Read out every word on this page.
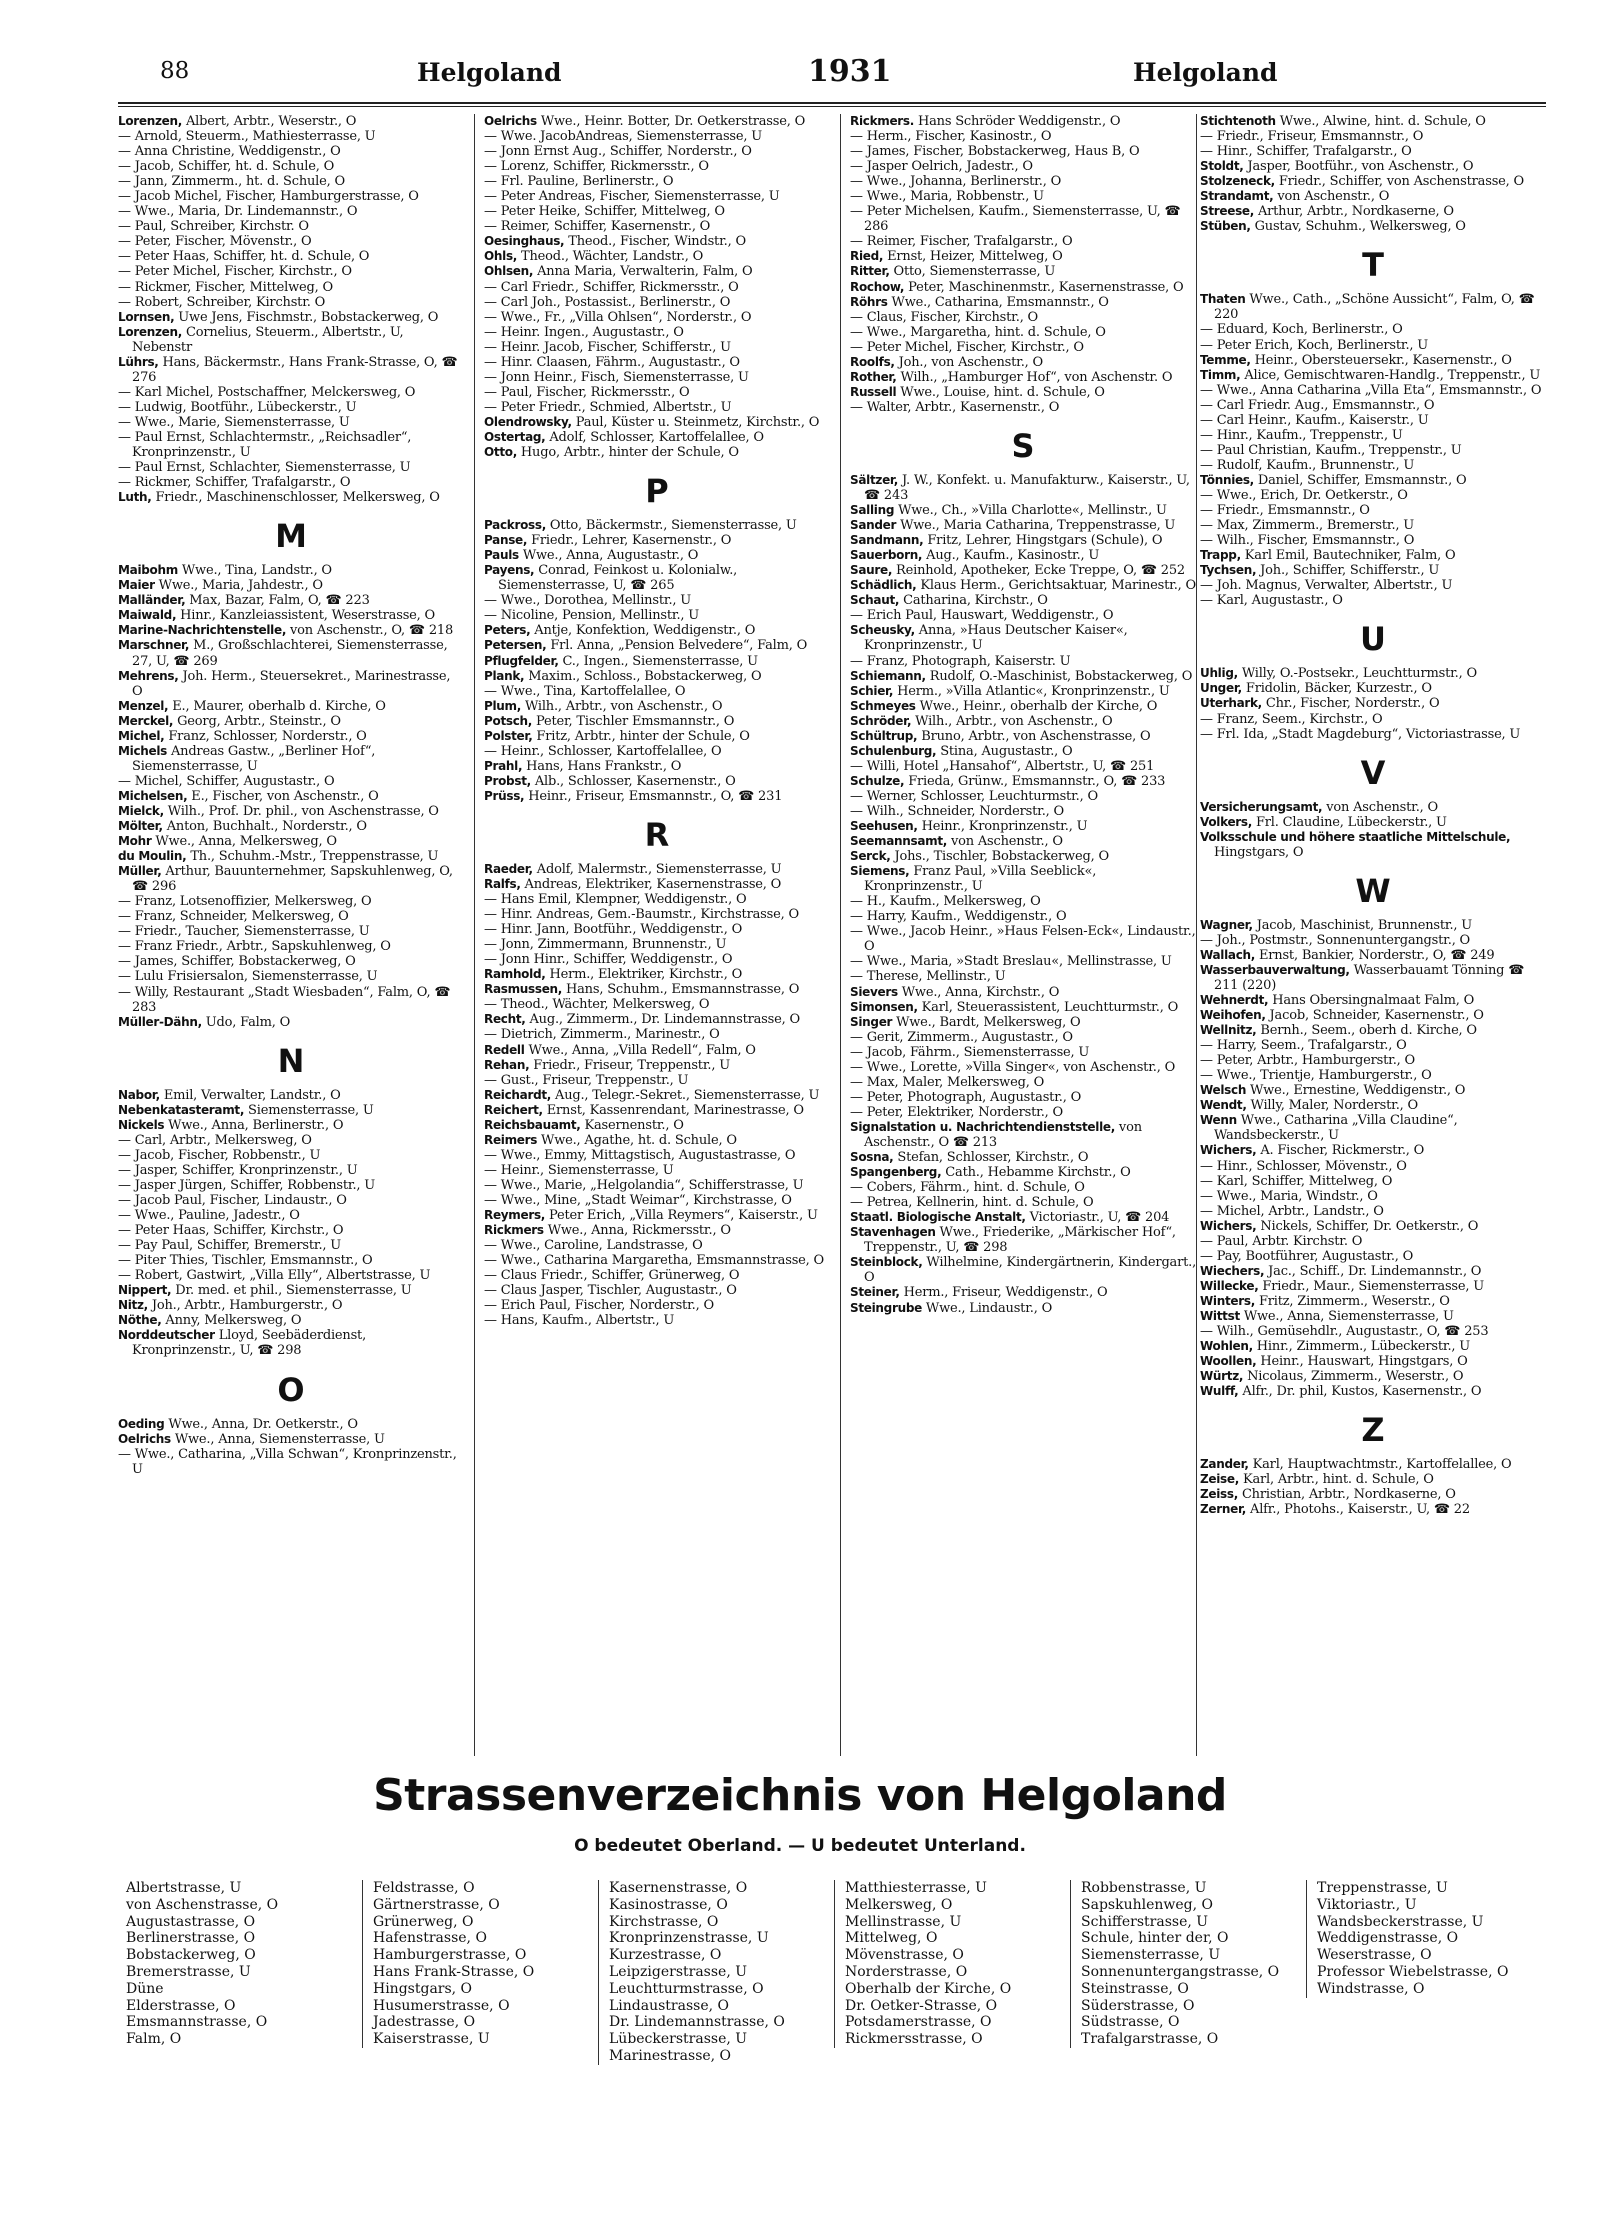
88	Helgoland	1931	Helgoland

Lorenzen, Albert, Arbtr., Weserstr., O

— Arnold, Steuerm., Mathiesterrasse, U

— Anna Christine, Weddigenstr., O

— Jacob, Schiffer, ht. d. Schule, O

— Jann, Zimmerm., ht. d. Schule, O

— Jacob Michel, Fischer, Hamburgerstrasse, O

— Wwe., Maria, Dr. Lindemannstr., O

— Paul, Schreiber, Kirchstr. O

— Peter, Fischer, Mövenstr., O

— Peter Haas, Schiffer, ht. d. Schule, O

— Peter Michel, Fischer, Kirchstr., O

— Rickmer, Fischer, Mittelweg, O

— Robert, Schreiber, Kirchstr. O

Lornsen, Uwe Jens, Fischmstr., Bobstackerweg, O

Lorenzen, Cornelius, Steuerm., Albertstr., U, Nebenstr

Lührs, Hans, Bäckermstr., Hans Frank-Strasse, O, ☎ 276

— Karl Michel, Postschaffner, Melckersweg, O

— Ludwig, Bootführ., Lübeckerstr., U

— Wwe., Marie, Siemensterrasse, U

— Paul Ernst, Schlachtermstr., „Reichsadler“, Kronprinzenstr., U

— Paul Ernst, Schlachter, Siemensterrasse, U

— Rickmer, Schiffer, Trafalgarstr., O

Luth, Friedr., Maschinenschlosser, Melkersweg, O

M

Maibohm Wwe., Tina, Landstr., O

Maier Wwe., Maria, Jahdestr., O

Malländer, Max, Bazar, Falm, O, ☎ 223

Maiwald, Hinr., Kanzleiassistent, Weserstrasse, O

Marine-Nachrichtenstelle, von Aschenstr., O, ☎ 218

Marschner, M., Großschlachterei, Siemensterrasse, 27, U, ☎ 269

Mehrens, Joh. Herm., Steuersekret., Marinestrasse, O

Menzel, E., Maurer, oberhalb d. Kirche, O

Merckel, Georg, Arbtr., Steinstr., O

Michel, Franz, Schlosser, Norderstr., O

Michels Andreas Gastw., „Berliner Hof“, Siemensterrasse, U

— Michel, Schiffer, Augustastr., O

Michelsen, E., Fischer, von Aschenstr., O

Mielck, Wilh., Prof. Dr. phil., von Aschenstrasse, O

Mölter, Anton, Buchhalt., Norderstr., O

Mohr Wwe., Anna, Melkersweg, O

du Moulin, Th., Schuhm.-Mstr., Treppenstrasse, U

Müller, Arthur, Bauunternehmer, Sapskuhlenweg, O, ☎ 296

— Franz, Lotsenoffizier, Melkersweg, O

— Franz, Schneider, Melkersweg, O

— Friedr., Taucher, Siemensterrasse, U

— Franz Friedr., Arbtr., Sapskuhlenweg, O

— James, Schiffer, Bobstackerweg, O

— Lulu Frisiersalon, Siemensterrasse, U

— Willy, Restaurant „Stadt Wiesbaden“, Falm, O, ☎ 283

Müller-Dähn, Udo, Falm, O

N

Nabor, Emil, Verwalter, Landstr., O

Nebenkatasteramt, Siemensterrasse, U

Nickels Wwe., Anna, Berlinerstr., O

— Carl, Arbtr., Melkersweg, O

— Jacob, Fischer, Robbenstr., U

— Jasper, Schiffer, Kronprinzenstr., U

— Jasper Jürgen, Schiffer, Robbenstr., U

— Jacob Paul, Fischer, Lindaustr., O

— Wwe., Pauline, Jadestr., O

— Peter Haas, Schiffer, Kirchstr., O

— Pay Paul, Schiffer, Bremerstr., U

— Piter Thies, Tischler, Emsmannstr., O

— Robert, Gastwirt, „Villa Elly“, Albertstrasse, U

Nippert, Dr. med. et phil., Siemensterrasse, U

Nitz, Joh., Arbtr., Hamburgerstr., O

Nöthe, Anny, Melkersweg, O

Norddeutscher Lloyd, Seebäderdienst, Kronprinzenstr., U, ☎ 298

O

Oeding Wwe., Anna, Dr. Oetkerstr., O

Oelrichs Wwe., Anna, Siemensterrasse, U

— Wwe., Catharina, „Villa Schwan“, Kronprinzenstr., U

Oelrichs Wwe., Heinr. Botter, Dr. Oetkerstrasse, O

— Wwe. JacobAndreas, Siemensterrasse, U

— Jonn Ernst Aug., Schiffer, Norderstr., O

— Lorenz, Schiffer, Rickmersstr., O

— Frl. Pauline, Berlinerstr., O

— Peter Andreas, Fischer, Siemensterrasse, U

— Peter Heike, Schiffer, Mittelweg, O

— Reimer, Schiffer, Kasernenstr., O

Oesinghaus, Theod., Fischer, Windstr., O

Ohls, Theod., Wächter, Landstr., O

Ohlsen, Anna Maria, Verwalterin, Falm, O

— Carl Friedr., Schiffer, Rickmersstr., O

— Carl Joh., Postassist., Berlinerstr., O

— Wwe., Fr., „Villa Ohlsen“, Norderstr., O

— Heinr. Ingen., Augustastr., O

— Heinr. Jacob, Fischer, Schifferstr., U

— Hinr. Claasen, Fährm., Augustastr., O

— Jonn Heinr., Fisch, Siemensterrasse, U

— Paul, Fischer, Rickmersstr., O

— Peter Friedr., Schmied, Albertstr., U

Olendrowsky, Paul, Küster u. Steinmetz, Kirchstr., O

Ostertag, Adolf, Schlosser, Kartoffelallee, O

Otto, Hugo, Arbtr., hinter der Schule, O

P

Packross, Otto, Bäckermstr., Siemensterrasse, U

Panse, Friedr., Lehrer, Kasernenstr., O

Pauls Wwe., Anna, Augustastr., O

Payens, Conrad, Feinkost u. Kolonialw., Siemensterrasse, U, ☎ 265

— Wwe., Dorothea, Mellinstr., U

— Nicoline, Pension, Mellinstr., U

Peters, Antje, Konfektion, Weddigenstr., O

Petersen, Frl. Anna, „Pension Belvedere“, Falm, O

Pflugfelder, C., Ingen., Siemensterrasse, U

Plank, Maxim., Schloss., Bobstackerweg, O

— Wwe., Tina, Kartoffelallee, O

Plum, Wilh., Arbtr., von Aschenstr., O

Potsch, Peter, Tischler Emsmannstr., O

Polster, Fritz, Arbtr., hinter der Schule, O

— Heinr., Schlosser, Kartoffelallee, O

Prahl, Hans, Hans Frankstr., O

Probst, Alb., Schlosser, Kasernenstr., O

Prüss, Heinr., Friseur, Emsmannstr., O, ☎ 231

R

Raeder, Adolf, Malermstr., Siemensterrasse, U

Ralfs, Andreas, Elektriker, Kasernenstrasse, O

— Hans Emil, Klempner, Weddigenstr., O

— Hinr. Andreas, Gem.-Baumstr., Kirchstrasse, O

— Hinr. Jann, Bootführ., Weddigenstr., O

— Jonn, Zimmermann, Brunnenstr., U

— Jonn Hinr., Schiffer, Weddigenstr., O

Ramhold, Herm., Elektriker, Kirchstr., O

Rasmussen, Hans, Schuhm., Emsmannstrasse, O

— Theod., Wächter, Melkersweg, O

Recht, Aug., Zimmerm., Dr. Lindemannstrasse, O

— Dietrich, Zimmerm., Marinestr., O

Redell Wwe., Anna, „Villa Redell“, Falm, O

Rehan, Friedr., Friseur, Treppenstr., U

— Gust., Friseur, Treppenstr., U

Reichardt, Aug., Telegr.-Sekret., Siemensterrasse, U

Reichert, Ernst, Kassenrendant, Marinestrasse, O

Reichsbauamt, Kasernenstr., O

Reimers Wwe., Agathe, ht. d. Schule, O

— Wwe., Emmy, Mittagstisch, Augustastrasse, O

— Heinr., Siemensterrasse, U

— Wwe., Marie, „Helgolandia“, Schifferstrasse, U

— Wwe., Mine, „Stadt Weimar“, Kirchstrasse, O

Reymers, Peter Erich, „Villa Reymers“, Kaiserstr., U

Rickmers Wwe., Anna, Rickmersstr., O

— Wwe., Caroline, Landstrasse, O

— Wwe., Catharina Margaretha, Emsmannstrasse, O

— Claus Friedr., Schiffer, Grünerweg, O

— Claus Jasper, Tischler, Augustastr., O

— Erich Paul, Fischer, Norderstr., O

— Hans, Kaufm., Albertstr., U

Rickmers. Hans Schröder Weddigenstr., O

— Herm., Fischer, Kasinostr., O

— James, Fischer, Bobstackerweg, Haus B, O

— Jasper Oelrich, Jadestr., O

— Wwe., Johanna, Berlinerstr., O

— Wwe., Maria, Robbenstr., U

— Peter Michelsen, Kaufm., Siemensterrasse, U, ☎ 286

— Reimer, Fischer, Trafalgarstr., O

Ried, Ernst, Heizer, Mittelweg, O

Ritter, Otto, Siemensterrasse, U

Rochow, Peter, Maschinenmstr., Kasernenstrasse, O

Röhrs Wwe., Catharina, Emsmannstr., O

— Claus, Fischer, Kirchstr., O

— Wwe., Margaretha, hint. d. Schule, O

— Peter Michel, Fischer, Kirchstr., O

Roolfs, Joh., von Aschenstr., O

Rother, Wilh., „Hamburger Hof“, von Aschenstr. O

Russell Wwe., Louise, hint. d. Schule, O

— Walter, Arbtr., Kasernenstr., O

S

Sältzer, J. W., Konfekt. u. Manufakturw., Kaiserstr., U, ☎ 243

Salling Wwe., Ch., »Villa Charlotte«, Mellinstr., U

Sander Wwe., Maria Catharina, Treppenstrasse, U

Sandmann, Fritz, Lehrer, Hingstgars (Schule), O

Sauerborn, Aug., Kaufm., Kasinostr., U

Saure, Reinhold, Apotheker, Ecke Treppe, O, ☎ 252

Schädlich, Klaus Herm., Gerichtsaktuar, Marinestr., O

Schaut, Catharina, Kirchstr., O

— Erich Paul, Hauswart, Weddigenstr., O

Scheusky, Anna, »Haus Deutscher Kaiser«, Kronprinzenstr., U

— Franz, Photograph, Kaiserstr. U

Schiemann, Rudolf, O.-Maschinist, Bobstackerweg, O

Schier, Herm., »Villa Atlantic«, Kronprinzenstr., U

Schmeyes Wwe., Heinr., oberhalb der Kirche, O

Schröder, Wilh., Arbtr., von Aschenstr., O

Schültrup, Bruno, Arbtr., von Aschenstrasse, O

Schulenburg, Stina, Augustastr., O

— Willi, Hotel „Hansahof“, Albertstr., U, ☎ 251

Schulze, Frieda, Grünw., Emsmannstr., O, ☎ 233

— Werner, Schlosser, Leuchturmstr., O

— Wilh., Schneider, Norderstr., O

Seehusen, Heinr., Kronprinzenstr., U

Seemannsamt, von Aschenstr., O

Serck, Johs., Tischler, Bobstackerweg, O

Siemens, Franz Paul, »Villa Seeblick«, Kronprinzenstr., U

— H., Kaufm., Melkersweg, O

— Harry, Kaufm., Weddigenstr., O

— Wwe., Jacob Heinr., »Haus Felsen-Eck«, Lindaustr., O

— Wwe., Maria, »Stadt Breslau«, Mellinstrasse, U

— Therese, Mellinstr., U

Sievers Wwe., Anna, Kirchstr., O

Simonsen, Karl, Steuerassistent, Leuchtturmstr., O

Singer Wwe., Bardt, Melkersweg, O

— Gerit, Zimmerm., Augustastr., O

— Jacob, Fährm., Siemensterrasse, U

— Wwe., Lorette, »Villa Singer«, von Aschenstr., O

— Max, Maler, Melkersweg, O

— Peter, Photograph, Augustastr., O

— Peter, Elektriker, Norderstr., O

Signalstation u. Nachrichtendienststelle, von Aschenstr., O ☎ 213

Sosna, Stefan, Schlosser, Kirchstr., O

Spangenberg, Cath., Hebamme Kirchstr., O

— Cobers, Fährm., hint. d. Schule, O

— Petrea, Kellnerin, hint. d. Schule, O

Staatl. Biologische Anstalt, Victoriastr., U, ☎ 204

Stavenhagen Wwe., Friederike, „Märkischer Hof“, Treppenstr., U, ☎ 298

Steinblock, Wilhelmine, Kindergärtnerin, Kindergart., O

Steiner, Herm., Friseur, Weddigenstr., O

Steingrube Wwe., Lindaustr., O

Stichtenoth Wwe., Alwine, hint. d. Schule, O

— Friedr., Friseur, Emsmannstr., O

— Hinr., Schiffer, Trafalgarstr., O

Stoldt, Jasper, Bootführ., von Aschenstr., O

Stolzeneck, Friedr., Schiffer, von Aschenstrasse, O

Strandamt, von Aschenstr., O

Streese, Arthur, Arbtr., Nordkaserne, O

Stüben, Gustav, Schuhm., Welkersweg, O

T

Thaten Wwe., Cath., „Schöne Aussicht“, Falm, O, ☎ 220

— Eduard, Koch, Berlinerstr., O

— Peter Erich, Koch, Berlinerstr., U

Temme, Heinr., Obersteuersekr., Kasernenstr., O

Timm, Alice, Gemischtwaren-Handlg., Treppenstr., U

— Wwe., Anna Catharina „Villa Eta“, Emsmannstr., O

— Carl Friedr. Aug., Emsmannstr., O

— Carl Heinr., Kaufm., Kaiserstr., U

— Hinr., Kaufm., Treppenstr., U

— Paul Christian, Kaufm., Treppenstr., U

— Rudolf, Kaufm., Brunnenstr., U

Tönnies, Daniel, Schiffer, Emsmannstr., O

— Wwe., Erich, Dr. Oetkerstr., O

— Friedr., Emsmannstr., O

— Max, Zimmerm., Bremerstr., U

— Wilh., Fischer, Emsmannstr., O

Trapp, Karl Emil, Bautechniker, Falm, O

Tychsen, Joh., Schiffer, Schifferstr., U

— Joh. Magnus, Verwalter, Albertstr., U

— Karl, Augustastr., O

U

Uhlig, Willy, O.-Postsekr., Leuchtturmstr., O

Unger, Fridolin, Bäcker, Kurzestr., O

Uterhark, Chr., Fischer, Norderstr., O

— Franz, Seem., Kirchstr., O

— Frl. Ida, „Stadt Magdeburg“, Victoriastrasse, U

V

Versicherungsamt, von Aschenstr., O

Volkers, Frl. Claudine, Lübeckerstr., U

Volksschule und höhere staatliche Mittelschule, Hingstgars, O

W

Wagner, Jacob, Maschinist, Brunnenstr., U

— Joh., Postmstr., Sonnenuntergangstr., O

Wallach, Ernst, Bankier, Norderstr., O, ☎ 249

Wasserbauverwaltung, Wasserbauamt Tönning ☎ 211 (220)

Wehnerdt, Hans Obersingnalmaat Falm, O

Weihofen, Jacob, Schneider, Kasernenstr., O

Wellnitz, Bernh., Seem., oberh d. Kirche, O

— Harry, Seem., Trafalgarstr., O

— Peter, Arbtr., Hamburgerstr., O

— Wwe., Trientje, Hamburgerstr., O

Welsch Wwe., Ernestine, Weddigenstr., O

Wendt, Willy, Maler, Norderstr., O

Wenn Wwe., Catharina „Villa Claudine“, Wandsbeckerstr., U

Wichers, A. Fischer, Rickmerstr., O

— Hinr., Schlosser, Mövenstr., O

— Karl, Schiffer, Mittelweg, O

— Wwe., Maria, Windstr., O

— Michel, Arbtr., Landstr., O

Wichers, Nickels, Schiffer, Dr. Oetkerstr., O

— Paul, Arbtr. Kirchstr. O

— Pay, Bootführer, Augustastr., O

Wiechers, Jac., Schiff., Dr. Lindemannstr., O

Willecke, Friedr., Maur., Siemensterrasse, U

Winters, Fritz, Zimmerm., Weserstr., O

Wittst Wwe., Anna, Siemensterrasse, U

— Wilh., Gemüsehdlr., Augustastr., O, ☎ 253

Wohlen, Hinr., Zimmerm., Lübeckerstr., U

Woollen, Heinr., Hauswart, Hingstgars, O

Würtz, Nicolaus, Zimmerm., Weserstr., O

Wulff, Alfr., Dr. phil, Kustos, Kasernenstr., O

Z

Zander, Karl, Hauptwachtmstr., Kartoffelallee, O

Zeise, Karl, Arbtr., hint. d. Schule, O

Zeiss, Christian, Arbtr., Nordkaserne, O

Zerner, Alfr., Photohs., Kaiserstr., U, ☎ 22

Strassenverzeichnis von Helgoland
O bedeutet Oberland. — U bedeutet Unterland.
Albertstrasse, U
von Aschenstrasse, O
Augustastrasse, O
Berlinerstrasse, O
Bobstackerweg, O
Bremerstrasse, U
Düne
Elderstrasse, O
Emsmannstrasse, O
Falm, O
Feldstrasse, O
Gärtnerstrasse, O
Grünerweg, O
Hafenstrasse, O
Hamburgerstrasse, O
Hans Frank-Strasse, O
Hingstgars, O
Husumerstrasse, O
Jadestrasse, O
Kaiserstrasse, U
Kasernenstrasse, O
Kasinostrasse, O
Kirchstrasse, O
Kronprinzenstrasse, U
Kurzestrasse, O
Leipzigerstrasse, U
Leuchtturmstrasse, O
Lindaustrasse, O
Dr. Lindemannstrasse, O
Lübeckerstrasse, U
Marinestrasse, O
Matthiesterrasse, U
Melkersweg, O
Mellinstrasse, U
Mittelweg, O
Mövenstrasse, O
Norderstrasse, O
Oberhalb der Kirche, O
Dr. Oetker-Strasse, O
Potsdamerstrasse, O
Rickmersstrasse, O
Robbenstrasse, U
Sapskuhlenweg, O
Schifferstrasse, U
Schule, hinter der, O
Siemensterrasse, U
Sonnenuntergangstrasse, O
Steinstrasse, O
Süderstrasse, O
Südstrasse, O
Trafalgarstrasse, O
Treppenstrasse, U
Viktoriastr., U
Wandsbeckerstrasse, U
Weddigenstrasse, O
Weserstrasse, O
Professor Wiebelstrasse, O
Windstrasse, O
